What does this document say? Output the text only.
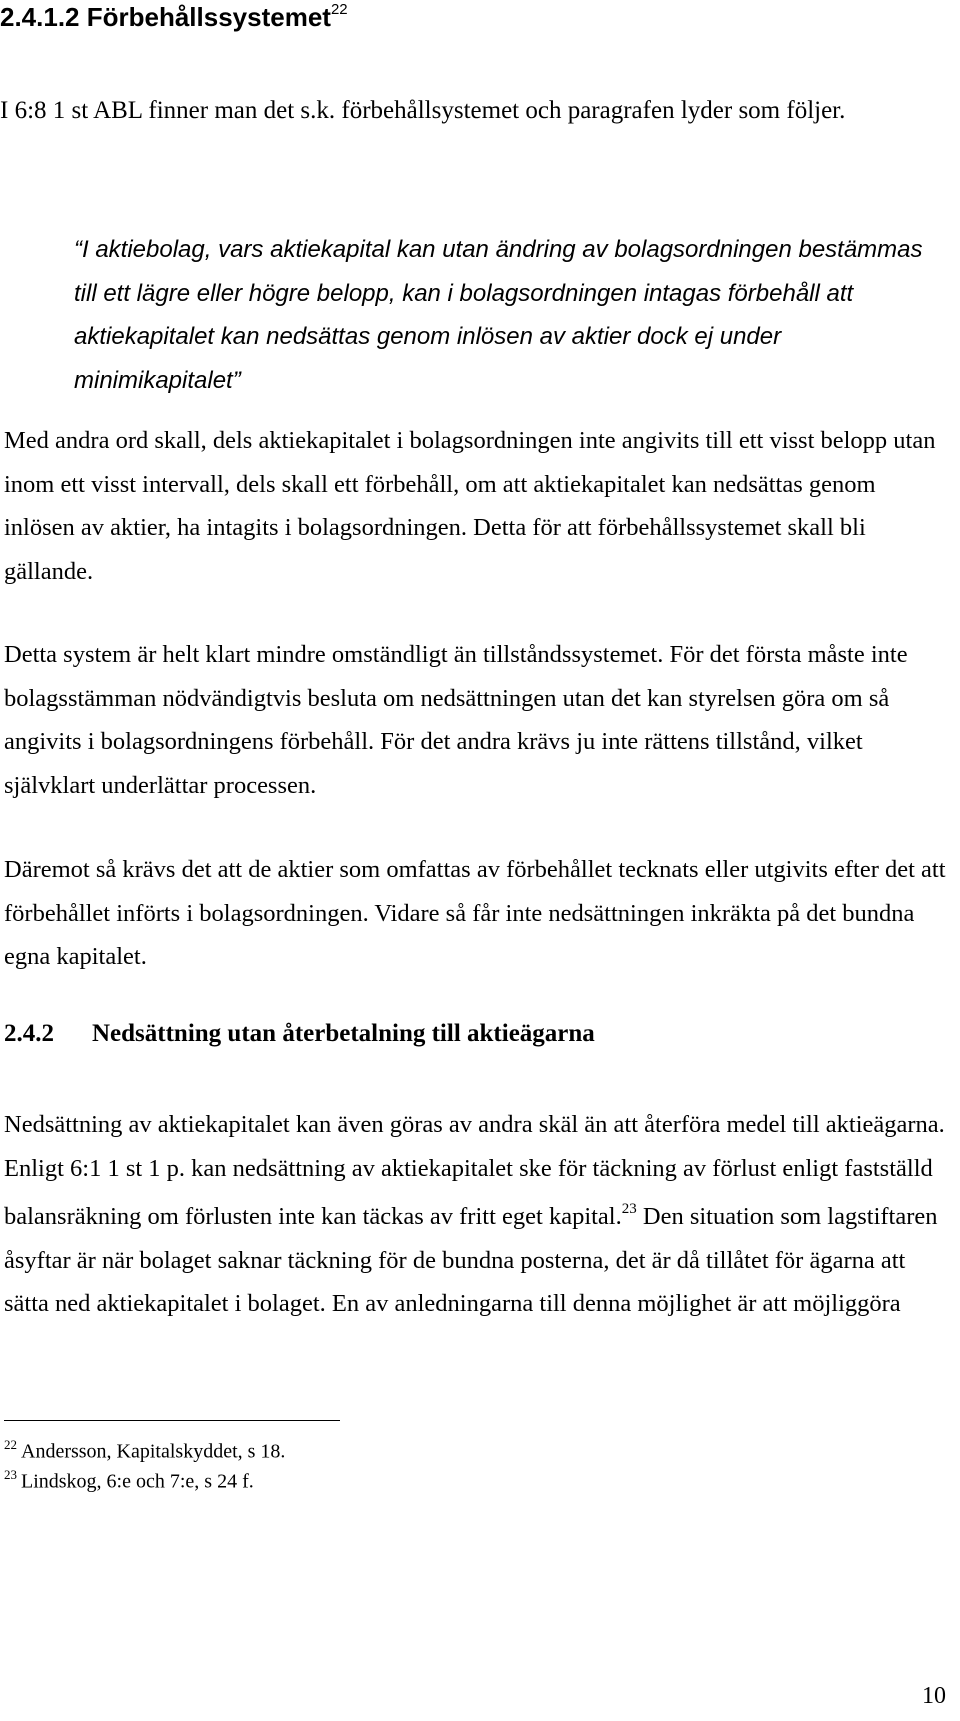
2.4.1.2 Förbehållssystemet$^{22}$
I 6:8 1 st ABL finner man det s.k. förbehållsystemet och paragrafen lyder som följer.
“I aktiebolag, vars aktiekapital kan utan ändring av bolagsordningen bestämmas till ett lägre eller högre belopp, kan i bolagsordningen intagas förbehåll att aktiekapitalet kan nedsättas genom inlösen av aktier dock ej under minimikapitalet”
Med andra ord skall, dels aktiekapitalet i bolagsordningen inte angivits till ett visst belopp utan inom ett visst intervall, dels skall ett förbehåll, om att aktiekapitalet kan nedsättas genom inlösen av aktier, ha intagits i bolagsordningen. Detta för att förbehållssystemet skall bli gällande.
Detta system är helt klart mindre omständligt än tillståndssystemet. För det första måste inte bolagsstämman nödvändigtvis besluta om nedsättningen utan det kan styrelsen göra om så angivits i bolagsordningens förbehåll. För det andra krävs ju inte rättens tillstånd, vilket självklart underlättar processen.
Däremot så krävs det att de aktier som omfattas av förbehållet tecknats eller utgivits efter det att förbehållet införts i bolagsordningen. Vidare så får inte nedsättningen inkräkta på det bundna egna kapitalet.
2.4.2 Nedsättning utan återbetalning till aktieägarna
Nedsättning av aktiekapitalet kan även göras av andra skäl än att återföra medel till aktieägarna. Enligt 6:1 1 st 1 p. kan nedsättning av aktiekapitalet ske för täckning av förlust enligt fastställd balansräkning om förlusten inte kan täckas av fritt eget kapital.$^{23}$ Den situation som lagstiftaren åsyftar är när bolaget saknar täckning för de bundna posterna, det är då tillåtet för ägarna att sätta ned aktiekapitalet i bolaget. En av anledningarna till denna möjlighet är att möjliggöra
$^{22}$ Andersson, Kapitalskyddet, s 18.
$^{23}$ Lindskog, 6:e och 7:e, s 24 f.
10
